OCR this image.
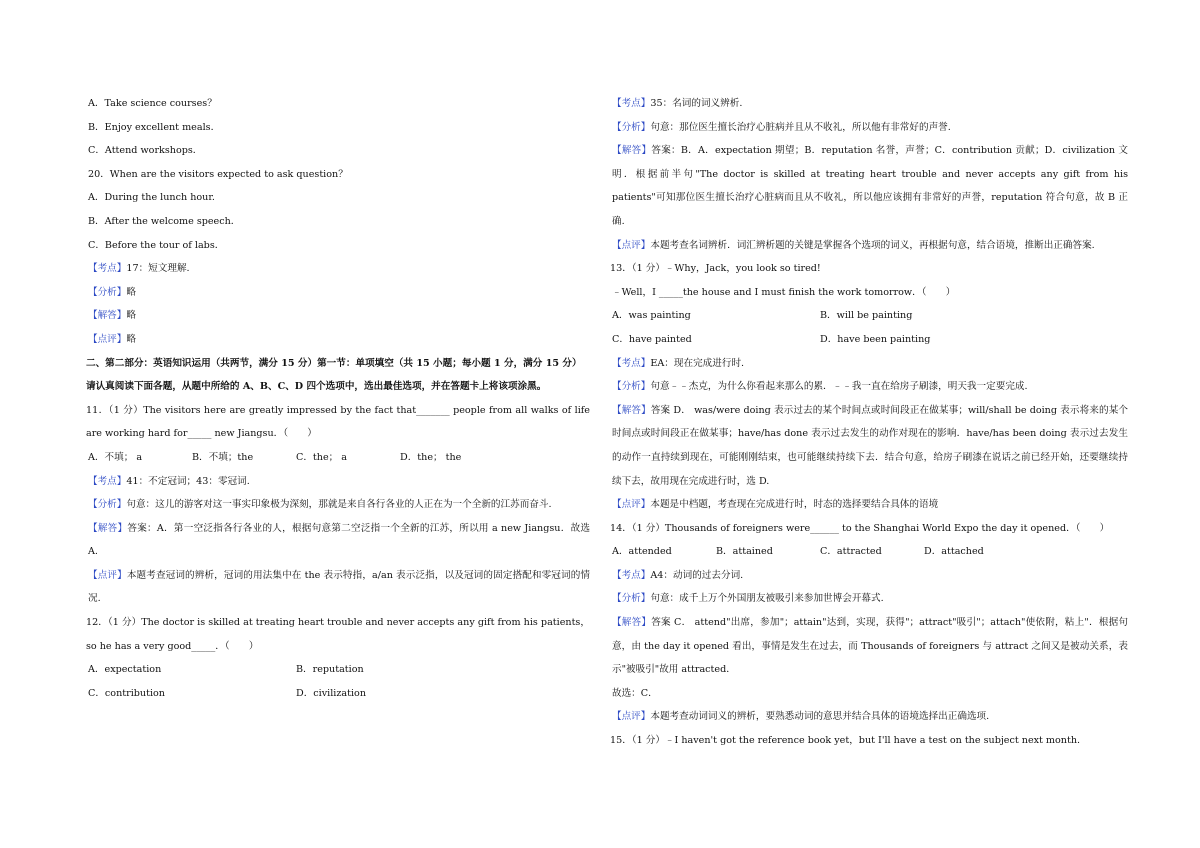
A．Take science courses？

B．Enjoy excellent meals．

C．Attend workshops．

20．When are the visitors expected to ask question？

A．During the lunch hour.

B．After the welcome speech．

C．Before the tour of labs．

【考点】17：短文理解.

【分析】略

【解答】略

【点评】略

二、第二部分：英语知识运用（共两节，满分 15 分）第一节：单项填空（共 15 小题；每小题 1 分，满分 15 分）请认真阅读下面各题，从题中所给的 A、B、C、D 四个选项中，选出最佳选项，并在答题卡上将该项涂黑。

11．（1 分）The visitors here are greatly impressed by the fact that_______ people from all walks of life are working hard for_____ new Jiangsu．（　　）

A．不填； a	B．不填；the	C．the； a	D．the； the

【考点】41：不定冠词；43：零冠词.

【分析】句意：这儿的游客对这一事实印象极为深刻，那就是来自各行各业的人正在为一个全新的江苏而奋斗.

【解答】答案：A．第一空泛指各行各业的人，根据句意第二空泛指一个全新的江苏，所以用 a new Jiangsu．故选 A.

【点评】本题考查冠词的辨析，冠词的用法集中在 the 表示特指，a/an 表示泛指，以及冠词的固定搭配和零冠词的情况.

12．（1 分）The doctor is skilled at treating heart trouble and never accepts any gift from his patients，so he has a very good_____．（　　）

A．expectation	B．reputation
C．contribution	D．civilization

【考点】35：名词的词义辨析.

【分析】句意：那位医生擅长治疗心脏病并且从不收礼，所以他有非常好的声誉.

【解答】答案：B．A．expectation 期望；B．reputation 名誉，声誉；C．contribution 贡献；D．civilization 文明．根据前半句"The doctor is skilled at treating heart trouble and never accepts any gift from his patients"可知那位医生擅长治疗心脏病而且从不收礼，所以他应该拥有非常好的声誉，reputation 符合句意，故 B 正确.

【点评】本题考查名词辨析．词汇辨析题的关键是掌握各个选项的词义，再根据句意，结合语境，推断出正确答案.

13．（1 分）﹣Why，Jack，you look so tired!

﹣Well，I _____the house and I must finish the work tomorrow．（　　）

A．was painting	B．will be painting
C．have painted	D．have been painting

【考点】EA：现在完成进行时.

【分析】句意﹣﹣杰克，为什么你看起来那么的累．﹣﹣我一直在给房子刷漆，明天我一定要完成.

【解答】答案 D． was/were doing 表示过去的某个时间点或时间段正在做某事；will/shall be doing 表示将来的某个时间点或时间段正在做某事；have/has done 表示过去发生的动作对现在的影响．have/has been doing 表示过去发生的动作一直持续到现在，可能刚刚结束，也可能继续持续下去．结合句意，给房子刷漆在说话之前已经开始，还要继续持续下去，故用现在完成进行时，选 D.

【点评】本题是中档题，考查现在完成进行时，时态的选择要结合具体的语境

14．（1 分）Thousands of foreigners were______ to the Shanghai World Expo the day it opened．（　　）

A．attended	B．attained	C．attracted	D．attached

【考点】A4：动词的过去分词.

【分析】句意：成千上万个外国朋友被吸引来参加世博会开幕式.

【解答】答案 C． attend"出席，参加"；attain"达到，实现，获得"；attract"吸引"；attach"使依附，粘上"．根据句意，由 the day it opened 看出，事情是发生在过去，而 Thousands of foreigners 与 attract 之间又是被动关系，表示"被吸引"故用 attracted．

故选：C．

【点评】本题考查动词词义的辨析，要熟悉动词的意思并结合具体的语境选择出正确选项.

15．（1 分）﹣I haven't got the reference book yet，but I'll have a test on the subject next month.
